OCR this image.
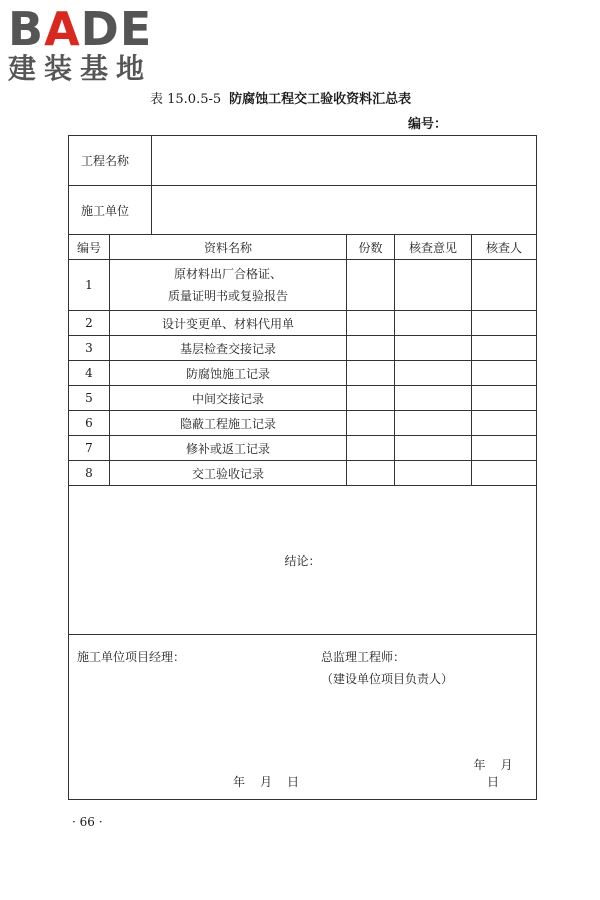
BADE
建装基地
表 15.0.5-5 防腐蚀工程交工验收资料汇总表
编号：
工程名称					
施工单位					
编号	资料名称		份数	核查意见	核查人
1	原材料出厂合格证、
质量证明书或复验报告				

2	设计变更单、材料代用单				
3	基层检查交接记录				
4	防腐蚀施工记录				
5	中间交接记录				
6	隐蔽工程施工记录				
7	修补或返工记录				
8	交工验收记录				
结论：					

施工单位项目经理： 总监理工程师：
（建设单位项目负责人）
年 月 日
年 月日					
· 66 ·
